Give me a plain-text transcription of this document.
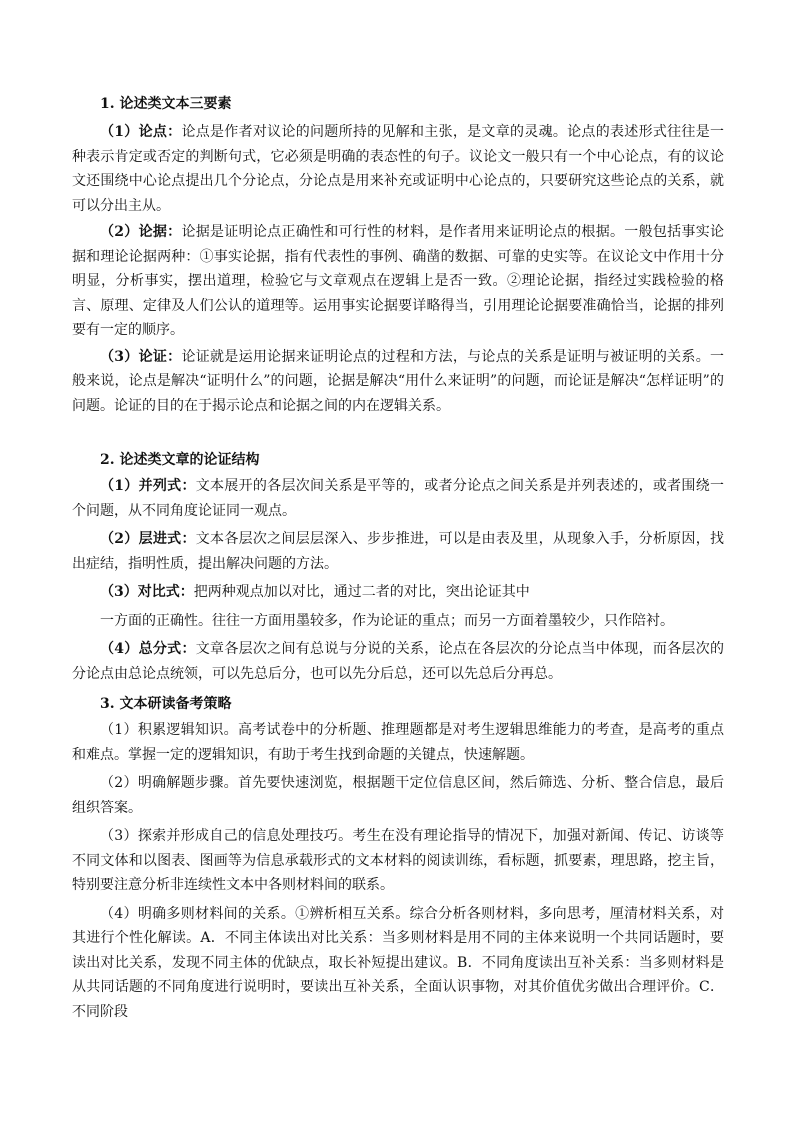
1. 论述类文本三要素

（1）论点：论点是作者对议论的问题所持的见解和主张，是文章的灵魂。论点的表述形式往往是一种表示肯定或否定的判断句式，它必须是明确的表态性的句子。议论文一般只有一个中心论点，有的议论文还围绕中心论点提出几个分论点，分论点是用来补充或证明中心论点的，只要研究这些论点的关系，就可以分出主从。

（2）论据：论据是证明论点正确性和可行性的材料，是作者用来证明论点的根据。一般包括事实论据和理论论据两种：①事实论据，指有代表性的事例、确凿的数据、可靠的史实等。在议论文中作用十分明显，分析事实，摆出道理，检验它与文章观点在逻辑上是否一致。②理论论据，指经过实践检验的格言、原理、定律及人们公认的道理等。运用事实论据要详略得当，引用理论论据要准确恰当，论据的排列要有一定的顺序。

（3）论证：论证就是运用论据来证明论点的过程和方法，与论点的关系是证明与被证明的关系。一般来说，论点是解决“证明什么”的问题，论据是解决“用什么来证明”的问题，而论证是解决“怎样证明”的问题。论证的目的在于揭示论点和论据之间的内在逻辑关系。

2. 论述类文章的论证结构

（1）并列式：文本展开的各层次间关系是平等的，或者分论点之间关系是并列表述的，或者围绕一个问题，从不同角度论证同一观点。

（2）层进式：文本各层次之间层层深入、步步推进，可以是由表及里，从现象入手，分析原因，找出症结，指明性质，提出解决问题的方法。

（3）对比式：把两种观点加以对比，通过二者的对比，突出论证其中

一方面的正确性。往往一方面用墨较多，作为论证的重点；而另一方面着墨较少，只作陪衬。

（4）总分式：文章各层次之间有总说与分说的关系，论点在各层次的分论点当中体现，而各层次的分论点由总论点统领，可以先总后分，也可以先分后总，还可以先总后分再总。

3. 文本研读备考策略

（1）积累逻辑知识。高考试卷中的分析题、推理题都是对考生逻辑思维能力的考查，是高考的重点和难点。掌握一定的逻辑知识，有助于考生找到命题的关键点，快速解题。

（2）明确解题步骤。首先要快速浏览，根据题干定位信息区间，然后筛选、分析、整合信息，最后组织答案。

（3）探索并形成自己的信息处理技巧。考生在没有理论指导的情况下，加强对新闻、传记、访谈等不同文体和以图表、图画等为信息承载形式的文本材料的阅读训练，看标题，抓要素，理思路，挖主旨，特别要注意分析非连续性文本中各则材料间的联系。

（4）明确多则材料间的关系。①辨析相互关系。综合分析各则材料，多向思考，厘清材料关系，对其进行个性化解读。A．不同主体读出对比关系：当多则材料是用不同的主体来说明一个共同话题时，要读出对比关系，发现不同主体的优缺点，取长补短提出建议。B．不同角度读出互补关系：当多则材料是从共同话题的不同角度进行说明时，要读出互补关系，全面认识事物，对其价值优劣做出合理评价。C．不同阶段
